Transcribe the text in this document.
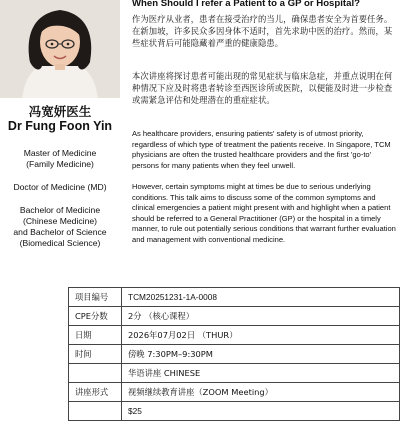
冯宽妍医生
Dr Fung Foon Yin
Master of Medicine
(Family Medicine)
Doctor of Medicine (MD)
Bachelor of Medicine
(Chinese Medicine)
and Bachelor of Science
(Biomedical Science)
When Should I refer a Patient to a GP or Hospital?
作为医疗从业者，患者在接受治疗的当儿，确保患者安全为首要任务。在新加坡，许多民众多因身体不适时，首先求助中医的治疗。然而，某些症状背后可能隐藏着严重的健康隐患。
本次讲座将探讨患者可能出现的常见症状与临床急症，并重点说明在何种情况下应及时将患者转诊至西医诊所或医院，以便能及时进一步检查或需紧急评估和处理潜在的重症症状。
As healthcare providers, ensuring patients' safety is of utmost priority, regardless of which type of treatment the patients receive. In Singapore, TCM physicians are often the trusted healthcare providers and the first 'go-to' persons for many patients when they feel unwell.
However, certain symptoms might at times be due to serious underlying conditions. This talk aims to discuss some of the common symptoms and clinical emergencies a patient might present with and highlight when a patient should be referred to a General Practitioner (GP) or the hospital in a timely manner, to rule out potentially serious conditions that warrant further evaluation and management with conventional medicine.
项目编号	TCM20251231-1A-0008
CPE分数	2分 （核心课程）
日期	2026年07月02日 （THUR）
时间	傍晚 7:30PM–9:30PM
	华语讲座 CHINESE
讲座形式	视频继续教育讲座（ZOOM Meeting）
	$25
